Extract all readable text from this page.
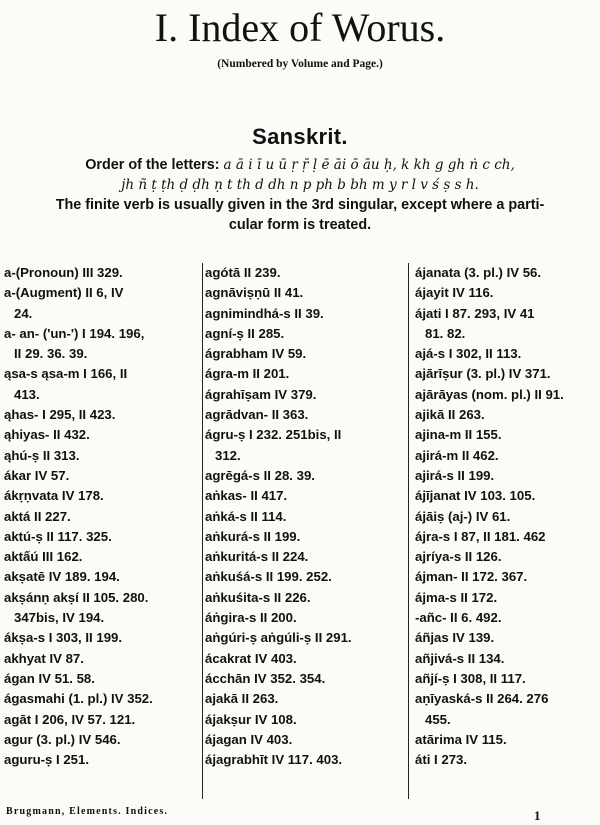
I. Index of Worus.
(Numbered by Volume and Page.)
Sanskrit.
Order of the letters: a ā i ī u ū ṛ ṝ ḷ ē āi ō āu ḥ, k kh g gh ṅ c ch,
jh ñ ṭ ṭh ḍ ḍh ṇ t th d dh n p ph b bh m y r l v ś ṣ s h.
The finite verb is usually given in the 3rd singular, except where a parti-
cular form is treated.
a-(Pronoun) III 329.
a-(Augment) II 6, IV
24.
a- an- ('un-') I 194. 196,
II 29. 36. 39.
ąsa-s ąsa-m I 166, II
413.
ąhas- I 295, II 423.
ąhiyas- II 432.
ąhú-ṣ II 313.
ákar IV 57.
ákṛṇvata IV 178.
aktá II 227.
aktú-ṣ II 117. 325.
aktấú III 162.
akṣatē IV 189. 194.
akṣánṇ akṣí II 105. 280.
347bis, IV 194.
ákṣa-s I 303, II 199.
akhyat IV 87.
ágan IV 51. 58.
ágasmahi (1. pl.) IV 352.
agāt I 206, IV 57. 121.
agur (3. pl.) IV 546.
aguru-ṣ I 251.
agótā II 239.
agnāviṣṇū II 41.
agnimindhá-s II 39.
agní-ṣ II 285.
ágrabham IV 59.
ágra-m II 201.
ágrahīṣam IV 379.
agrādvan- II 363.
ágru-ṣ I 232. 251bis, II
312.
agrēgá-s II 28. 39.
aṅkas- II 417.
aṅká-s II 114.
aṅkurá-s II 199.
aṅkuritá-s II 224.
aṅkuśá-s II 199. 252.
aṅkuśita-s II 226.
áṅgira-s II 200.
aṅgúri-ṣ aṅgúli-ṣ II 291.
ácakrat IV 403.
ácchān IV 352. 354.
ajakā II 263.
ájakṣur IV 108.
ájagan IV 403.
ájagrabhīt IV 117. 403.
ájanata (3. pl.) IV 56.
ájayit IV 116.
ájati I 87. 293, IV 41
81. 82.
ajá-s I 302, II 113.
ajārīṣur (3. pl.) IV 371.
ajārāyas (nom. pl.) II 91.
ajikā II 263.
ajina-m II 155.
ajirá-m II 462.
ajirá-s II 199.
ájījanat IV 103. 105.
ájāiṣ (aj-) IV 61.
ájra-s I 87, II 181. 462
ajríya-s II 126.
ájman- II 172. 367.
ájma-s II 172.
-añc- II 6. 492.
áñjas IV 139.
añjivá-s II 134.
añjí-ṣ I 308, II 117.
aṇīyaská-s II 264. 276
455.
atārima IV 115.
áti I 273.
Brugmann, Elements. Indices.	1
